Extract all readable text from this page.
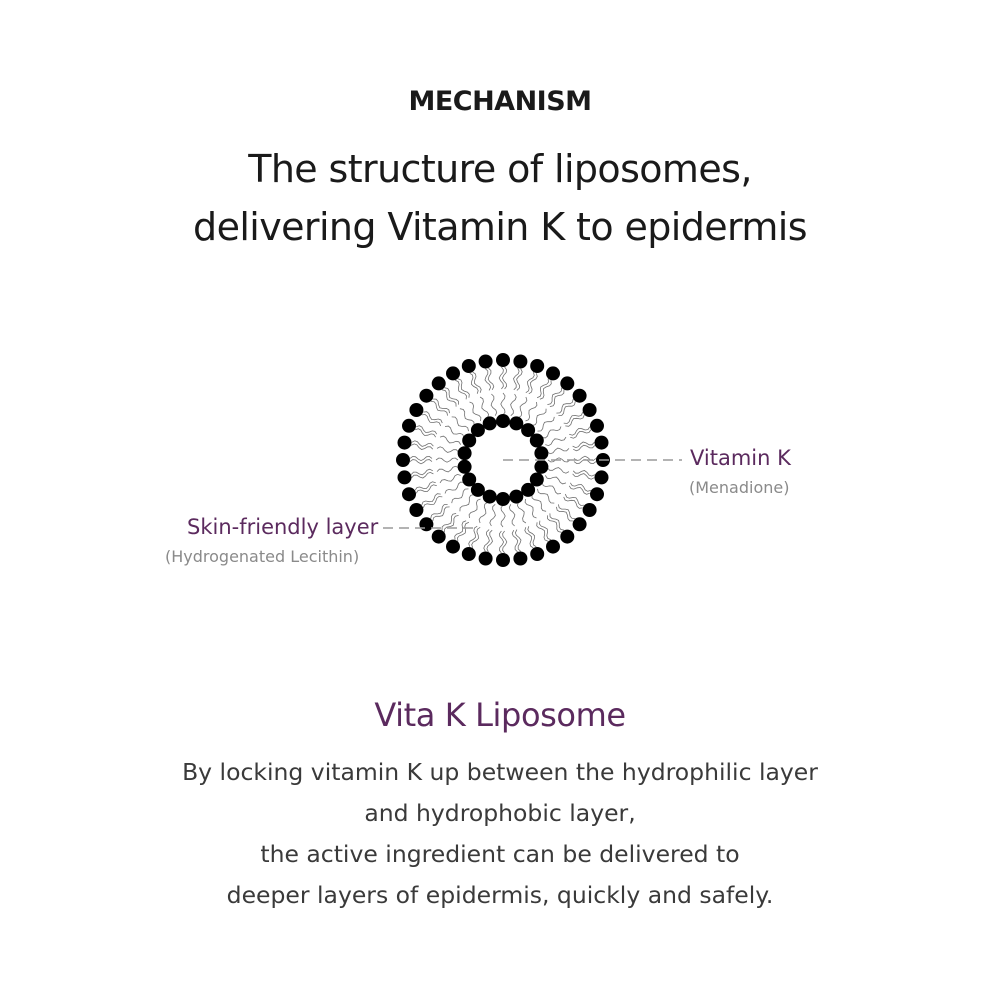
MECHANISM
The structure of liposomes,
delivering Vitamin K to epidermis
Vitamin K
(Menadione)
Skin-friendly layer
(Hydrogenated Lecithin)
Vita K Liposome
By locking vitamin K up between the hydrophilic layer
and hydrophobic layer,
the active ingredient can be delivered to
deeper layers of epidermis, quickly and safely.
